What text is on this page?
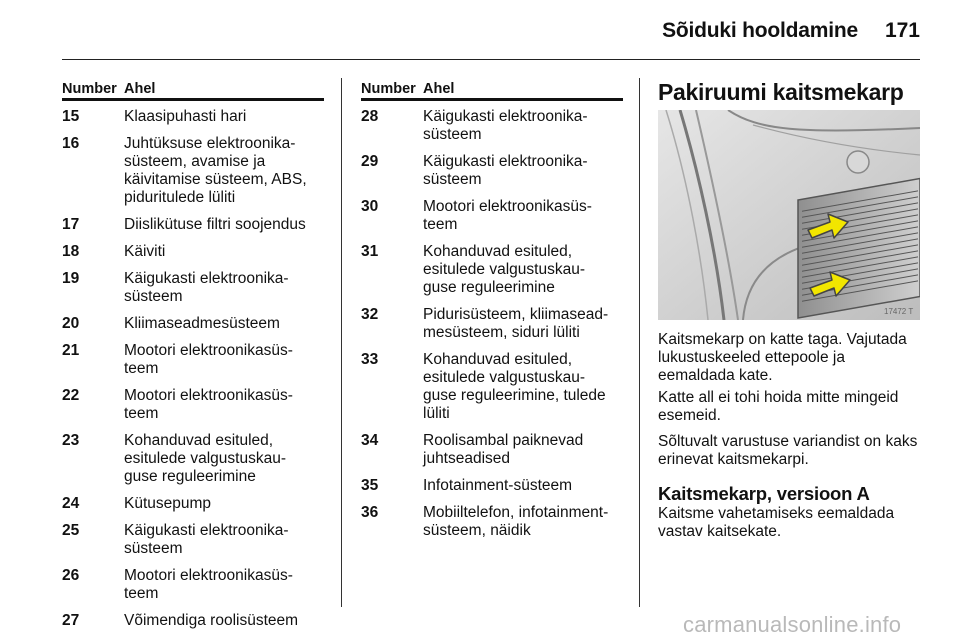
Sõiduki hooldamine 171
Number Ahel
15	Klaasipuhasti hari
16	Juhtüksuse elektroonika-
süsteem, avamise ja
käivitamise süsteem, ABS,
piduritulede lüliti
17	Diislikütuse filtri soojendus
18	Käiviti
19	Käigukasti elektroonika-
süsteem
20	Kliimaseadmesüsteem
21	Mootori elektroonikasüs-
teem
22	Mootori elektroonikasüs-
teem
23	Kohanduvad esituled,
esitulede valgustuskau-
guse reguleerimine
24	Kütusepump
25	Käigukasti elektroonika-
süsteem
26	Mootori elektroonikasüs-
teem
27	Võimendiga roolisüsteem
Number Ahel
28	Käigukasti elektroonika-
süsteem
29	Käigukasti elektroonika-
süsteem
30	Mootori elektroonikasüs-
teem
31	Kohanduvad esituled,
esitulede valgustuskau-
guse reguleerimine
32	Pidurisüsteem, kliimasead-
mesüsteem, siduri lüliti
33	Kohanduvad esituled,
esitulede valgustuskau-
guse reguleerimine, tulede
lüliti
34	Roolisambal paiknevad
juhtseadised
35	Infotainment-süsteem
36	Mobiiltelefon, infotainment-
süsteem, näidik
Pakiruumi kaitsmekarp
17472 T
Kaitsmekarp on katte taga. Vajutada
lukustuskeeled ettepoole ja
eemaldada kate.
Katte all ei tohi hoida mitte mingeid
esemeid.
Sõltuvalt varustuse variandist on kaks
erinevat kaitsmekarpi.
Kaitsmekarp, versioon A
Kaitsme vahetamiseks eemaldada
vastav kaitsekate.
carmanualsonline.info
